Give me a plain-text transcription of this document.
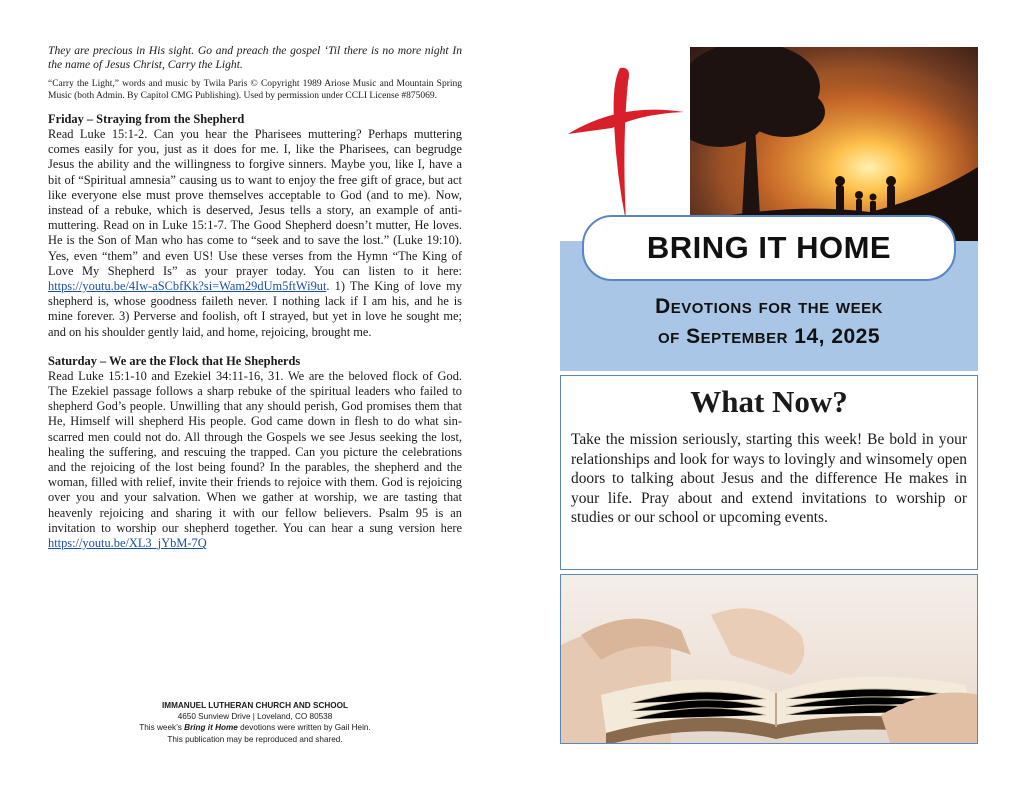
They are precious in His sight. Go and preach the gospel ‘Til there is no more night In the name of Jesus Christ, Carry the Light.

“Carry the Light,” words and music by Twila Paris © Copyright 1989 Ariose Music and Mountain Spring Music (both Admin. By Capitol CMG Publishing). Used by permission under CCLI License #875069.

Friday – Straying from the Shepherd

Read Luke 15:1-2. Can you hear the Pharisees muttering? Perhaps muttering comes easily for you, just as it does for me. I, like the Pharisees, can begrudge Jesus the ability and the willingness to forgive sinners. Maybe you, like I, have a bit of “Spiritual amnesia” causing us to want to enjoy the free gift of grace, but act like everyone else must prove themselves acceptable to God (and to me). Now, instead of a rebuke, which is deserved, Jesus tells a story, an example of anti-muttering. Read on in Luke 15:1-7. The Good Shepherd doesn’t mutter, He loves. He is the Son of Man who has come to “seek and to save the lost.” (Luke 19:10). Yes, even “them” and even US! Use these verses from the Hymn “The King of Love My Shepherd Is” as your prayer today. You can listen to it here: https://youtu.be/4Iw-aSCbfKk?si=Wam29dUm5ftWi9ut. 1) The King of love my shepherd is, whose goodness faileth never. I nothing lack if I am his, and he is mine forever. 3) Perverse and foolish, oft I strayed, but yet in love he sought me; and on his shoulder gently laid, and home, rejoicing, brought me.

Saturday – We are the Flock that He Shepherds

Read Luke 15:1-10 and Ezekiel 34:11-16, 31. We are the beloved flock of God. The Ezekiel passage follows a sharp rebuke of the spiritual leaders who failed to shepherd God’s people. Unwilling that any should perish, God promises them that He, Himself will shepherd His people. God came down in flesh to do what sin-scarred men could not do. All through the Gospels we see Jesus seeking the lost, healing the suffering, and rescuing the trapped. Can you picture the celebrations and the rejoicing of the lost being found? In the parables, the shepherd and the woman, filled with relief, invite their friends to rejoice with them. God is rejoicing over you and your salvation. When we gather at worship, we are tasting that heavenly rejoicing and sharing it with our fellow believers. Psalm 95 is an invitation to worship our shepherd together. You can hear a sung version here https://youtu.be/XL3_jYbM-7Q

IMMANUEL LUTHERAN CHURCH AND SCHOOL
4650 Sunview Drive | Loveland, CO 80538
This week’s Bring it Home devotions were written by Gail Hein.
This publication may be reproduced and shared.
BRING IT HOME
Devotions for the week
of September 14, 2025
What Now?

Take the mission seriously, starting this week! Be bold in your relationships and look for ways to lovingly and winsomely open doors to talking about Jesus and the difference He makes in your life. Pray about and extend invitations to worship or studies or our school or upcoming events.
